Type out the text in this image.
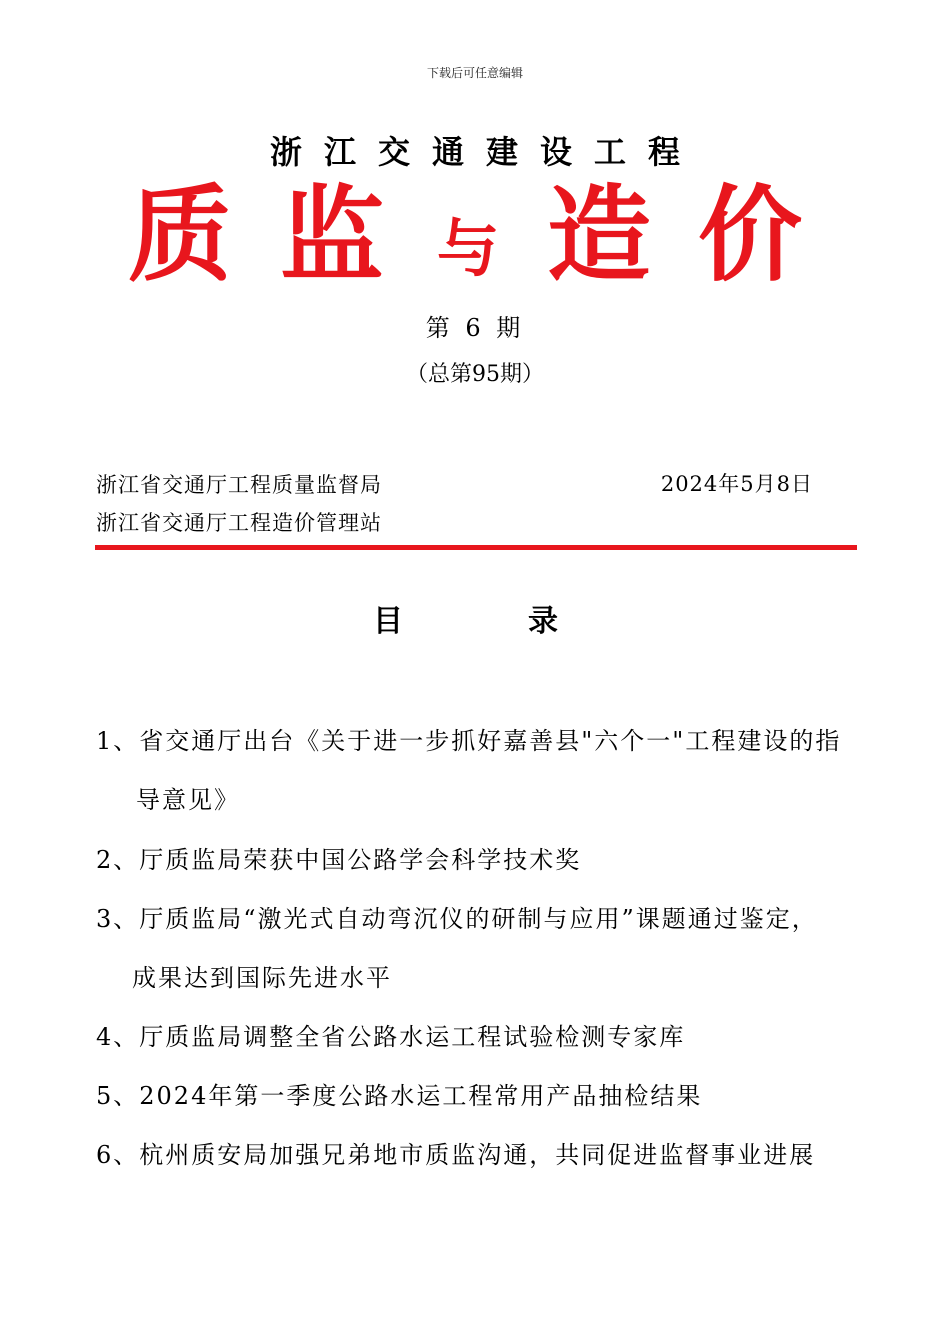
下载后可任意编辑
浙江交通建设工程
质 监 与 造 价
第 6 期
（总第95期）
浙江省交通厅工程质量监督局
浙江省交通厅工程造价管理站
2024年5月8日
目	录
1、省交通厅出台《关于进一步抓好嘉善县"六个一"工程建设的指
导意见》
2、厅质监局荣获中国公路学会科学技术奖
3、厅质监局“激光式自动弯沉仪的研制与应用”课题通过鉴定，
成果达到国际先进水平
4、厅质监局调整全省公路水运工程试验检测专家库
5、2024年第一季度公路水运工程常用产品抽检结果
6、杭州质安局加强兄弟地市质监沟通，共同促进监督事业进展
